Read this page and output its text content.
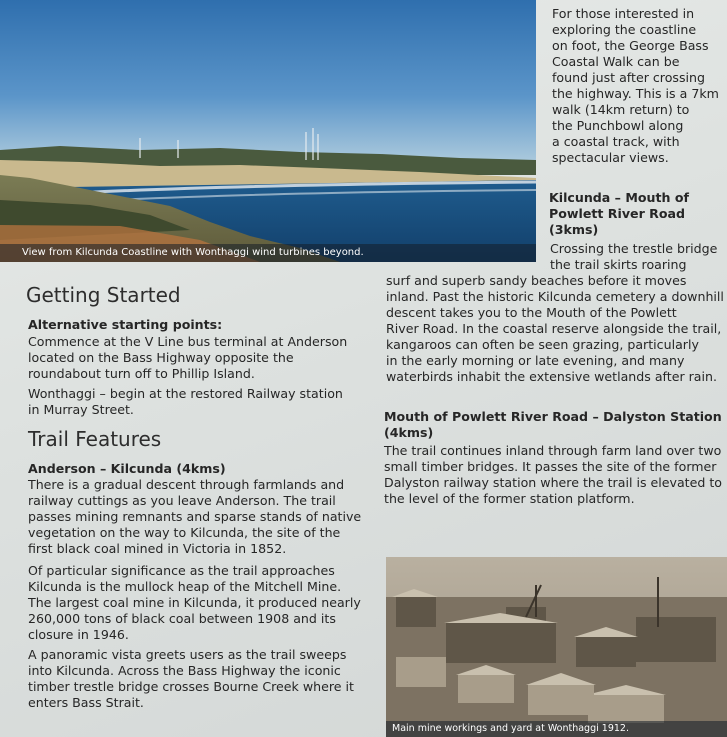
View from Kilcunda Coastline with Wonthaggi wind turbines beyond.
For those interested in
exploring the coastline
on foot, the George Bass
Coastal Walk can be
found just after crossing
the highway. This is a 7km
walk (14km return) to
the Punchbowl along
a coastal track, with
spectacular views.
Kilcunda – Mouth of
Powlett River Road
(3kms)
Crossing the trestle bridge
the trail skirts roaring
surf and superb sandy beaches before it moves
inland. Past the historic Kilcunda cemetery a downhill
descent takes you to the Mouth of the Powlett
River Road. In the coastal reserve alongside the trail,
kangaroos can often be seen grazing, particularly
in the early morning or late evening, and many
waterbirds inhabit the extensive wetlands after rain.
Mouth of Powlett River Road – Dalyston Station
(4kms)
The trail continues inland through farm land over two
small timber bridges. It passes the site of the former
Dalyston railway station where the trail is elevated to
the level of the former station platform.
Getting Started
Alternative starting points:
Commence at the V Line bus terminal at Anderson
located on the Bass Highway opposite the
roundabout turn off to Phillip Island.
Wonthaggi – begin at the restored Railway station
in Murray Street.
Trail Features
Anderson – Kilcunda (4kms)
There is a gradual descent through farmlands and
railway cuttings as you leave Anderson. The trail
passes mining remnants and sparse stands of native
vegetation on the way to Kilcunda, the site of the
first black coal mined in Victoria in 1852.
Of particular significance as the trail approaches
Kilcunda is the mullock heap of the Mitchell Mine.
The largest coal mine in Kilcunda, it produced nearly
260,000 tons of black coal between 1908 and its
closure in 1946.
A panoramic vista greets users as the trail sweeps
into Kilcunda. Across the Bass Highway the iconic
timber trestle bridge crosses Bourne Creek where it
enters Bass Strait.
Main mine workings and yard at Wonthaggi 1912.
